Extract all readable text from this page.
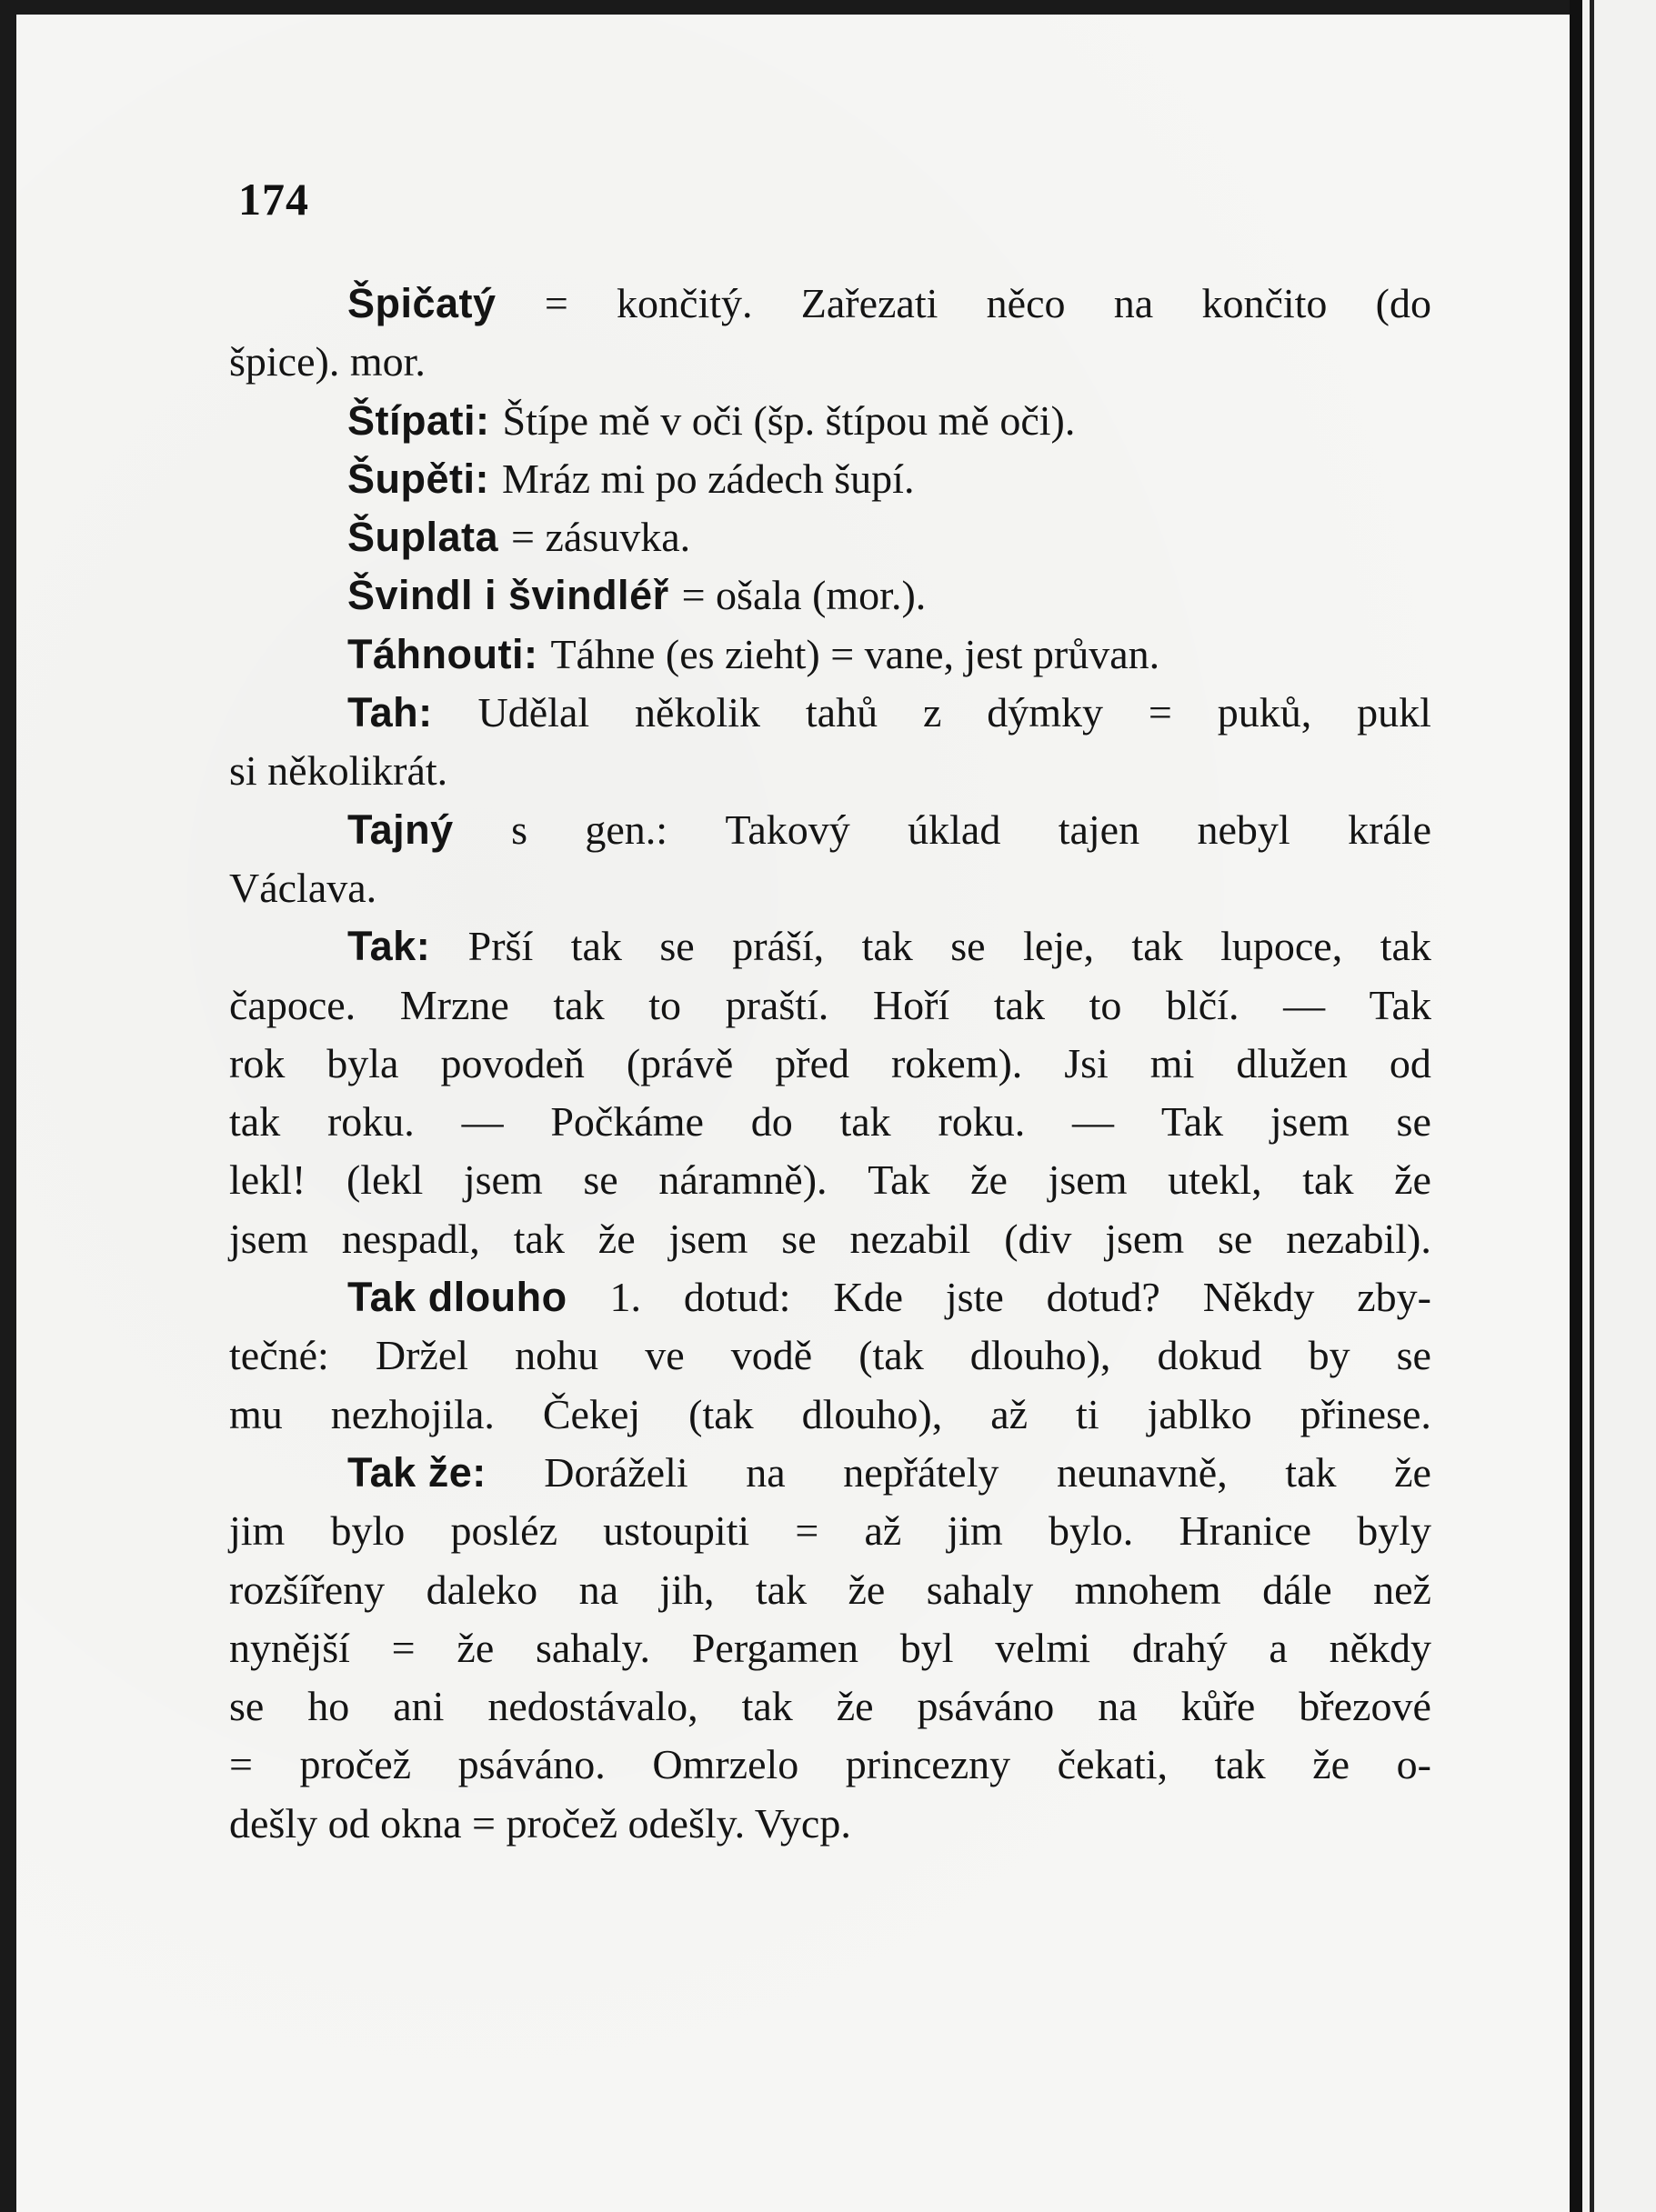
174
Špičatý = končitý. Zařezati něco na končito (do
špice). mor.
Štípati: Štípe mě v oči (šp. štípou mě oči).
Šupěti: Mráz mi po zádech šupí.
Šuplata = zásuvka.
Švindl i švindléř = ošala (mor.).
Táhnouti: Táhne (es zieht) = vane, jest průvan.
Tah: Udělal několik tahů z dýmky = puků, pukl
si několikrát.
Tajný s gen.: Takový úklad tajen nebyl krále
Václava.
Tak: Prší tak se práší, tak se leje, tak lupoce, tak
čapoce. Mrzne tak to praští. Hoří tak to blčí. — Tak
rok byla povodeň (právě před rokem). Jsi mi dlužen od
tak roku. — Počkáme do tak roku. — Tak jsem se
lekl! (lekl jsem se náramně). Tak že jsem utekl, tak že
jsem nespadl, tak že jsem se nezabil (div jsem se nezabil).
Tak dlouho 1. dotud: Kde jste dotud? Někdy zby-
tečné: Držel nohu ve vodě (tak dlouho), dokud by se
mu nezhojila. Čekej (tak dlouho), až ti jablko přinese.
Tak že: Doráželi na nepřátely neunavně, tak že
jim bylo posléz ustoupiti = až jim bylo. Hranice byly
rozšířeny daleko na jih, tak že sahaly mnohem dále než
nynější = že sahaly. Pergamen byl velmi drahý a někdy
se ho ani nedostávalo, tak že psáváno na kůře březové
= pročež psáváno. Omrzelo princezny čekati, tak že o-
dešly od okna = pročež odešly. Vycp.
